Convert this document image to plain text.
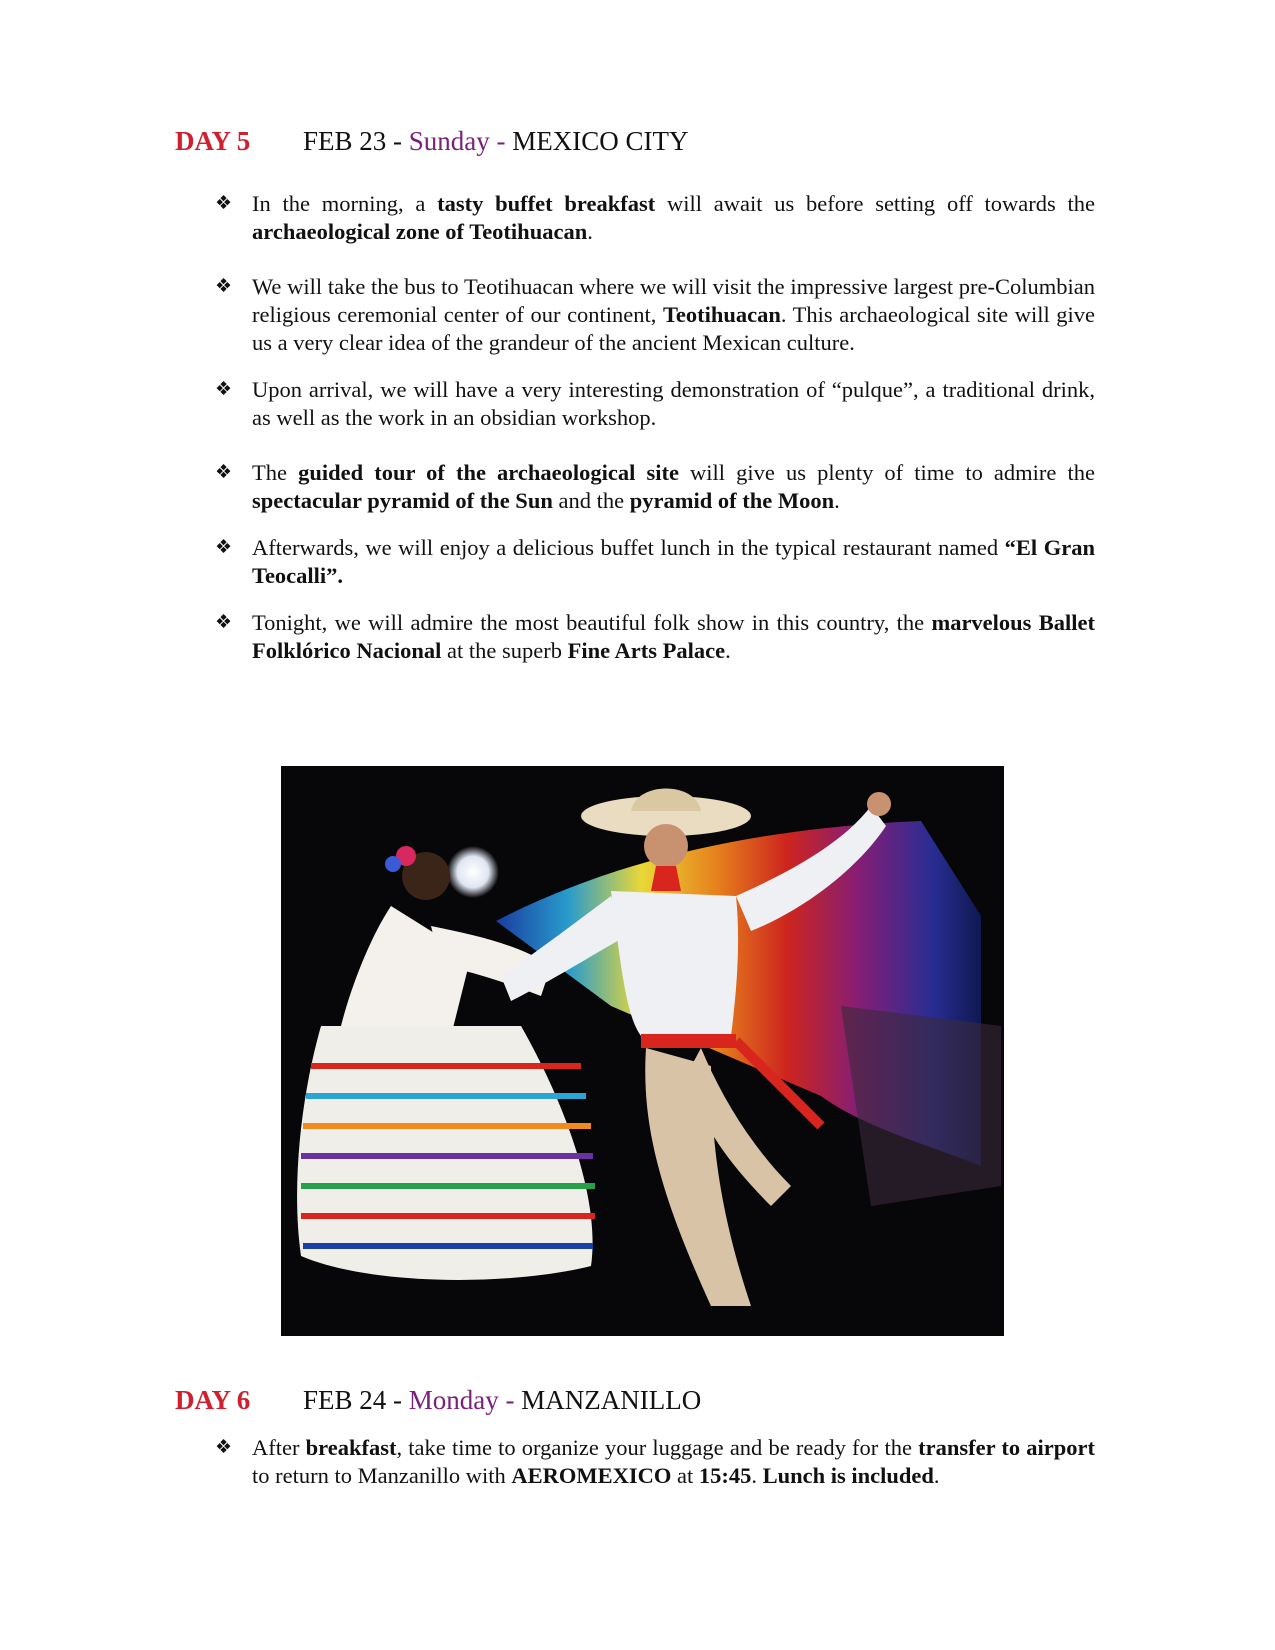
DAY 5 FEB 23 - Sunday - MEXICO CITY
❖ In the morning, a tasty buffet breakfast will await us before setting off towards the archaeological zone of Teotihuacan.
❖ We will take the bus to Teotihuacan where we will visit the impressive largest pre-Columbian religious ceremonial center of our continent, Teotihuacan. This archaeological site will give us a very clear idea of the grandeur of the ancient Mexican culture.
❖ Upon arrival, we will have a very interesting demonstration of “pulque”, a traditional drink, as well as the work in an obsidian workshop.
❖ The guided tour of the archaeological site will give us plenty of time to admire the spectacular pyramid of the Sun and the pyramid of the Moon.
❖ Afterwards, we will enjoy a delicious buffet lunch in the typical restaurant named “El Gran Teocalli”.
❖ Tonight, we will admire the most beautiful folk show in this country, the marvelous Ballet Folklórico Nacional at the superb Fine Arts Palace.
DAY 6 FEB 24 - Monday - MANZANILLO
❖ After breakfast, take time to organize your luggage and be ready for the transfer to airport to return to Manzanillo with AEROMEXICO at 15:45. Lunch is included.
